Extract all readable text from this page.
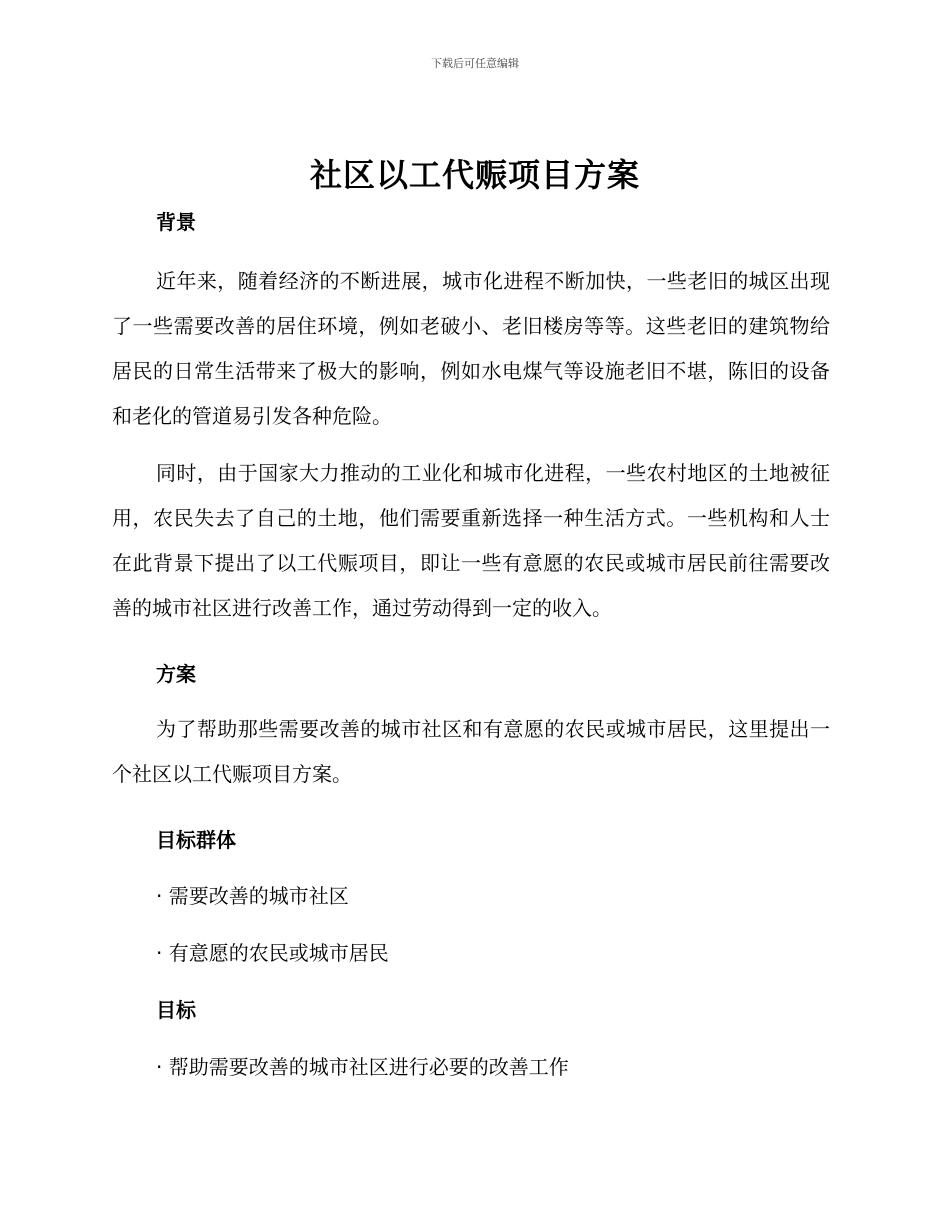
下载后可任意编辑
社区以工代赈项目方案

背景

近年来，随着经济的不断进展，城市化进程不断加快，一些老旧的城区出现了一些需要改善的居住环境，例如老破小、老旧楼房等等。这些老旧的建筑物给居民的日常生活带来了极大的影响，例如水电煤气等设施老旧不堪，陈旧的设备和老化的管道易引发各种危险。

同时，由于国家大力推动的工业化和城市化进程，一些农村地区的土地被征用，农民失去了自己的土地，他们需要重新选择一种生活方式。一些机构和人士在此背景下提出了以工代赈项目，即让一些有意愿的农民或城市居民前往需要改善的城市社区进行改善工作，通过劳动得到一定的收入。

方案

为了帮助那些需要改善的城市社区和有意愿的农民或城市居民，这里提出一个社区以工代赈项目方案。

目标群体

· 需要改善的城市社区

· 有意愿的农民或城市居民

目标

· 帮助需要改善的城市社区进行必要的改善工作
